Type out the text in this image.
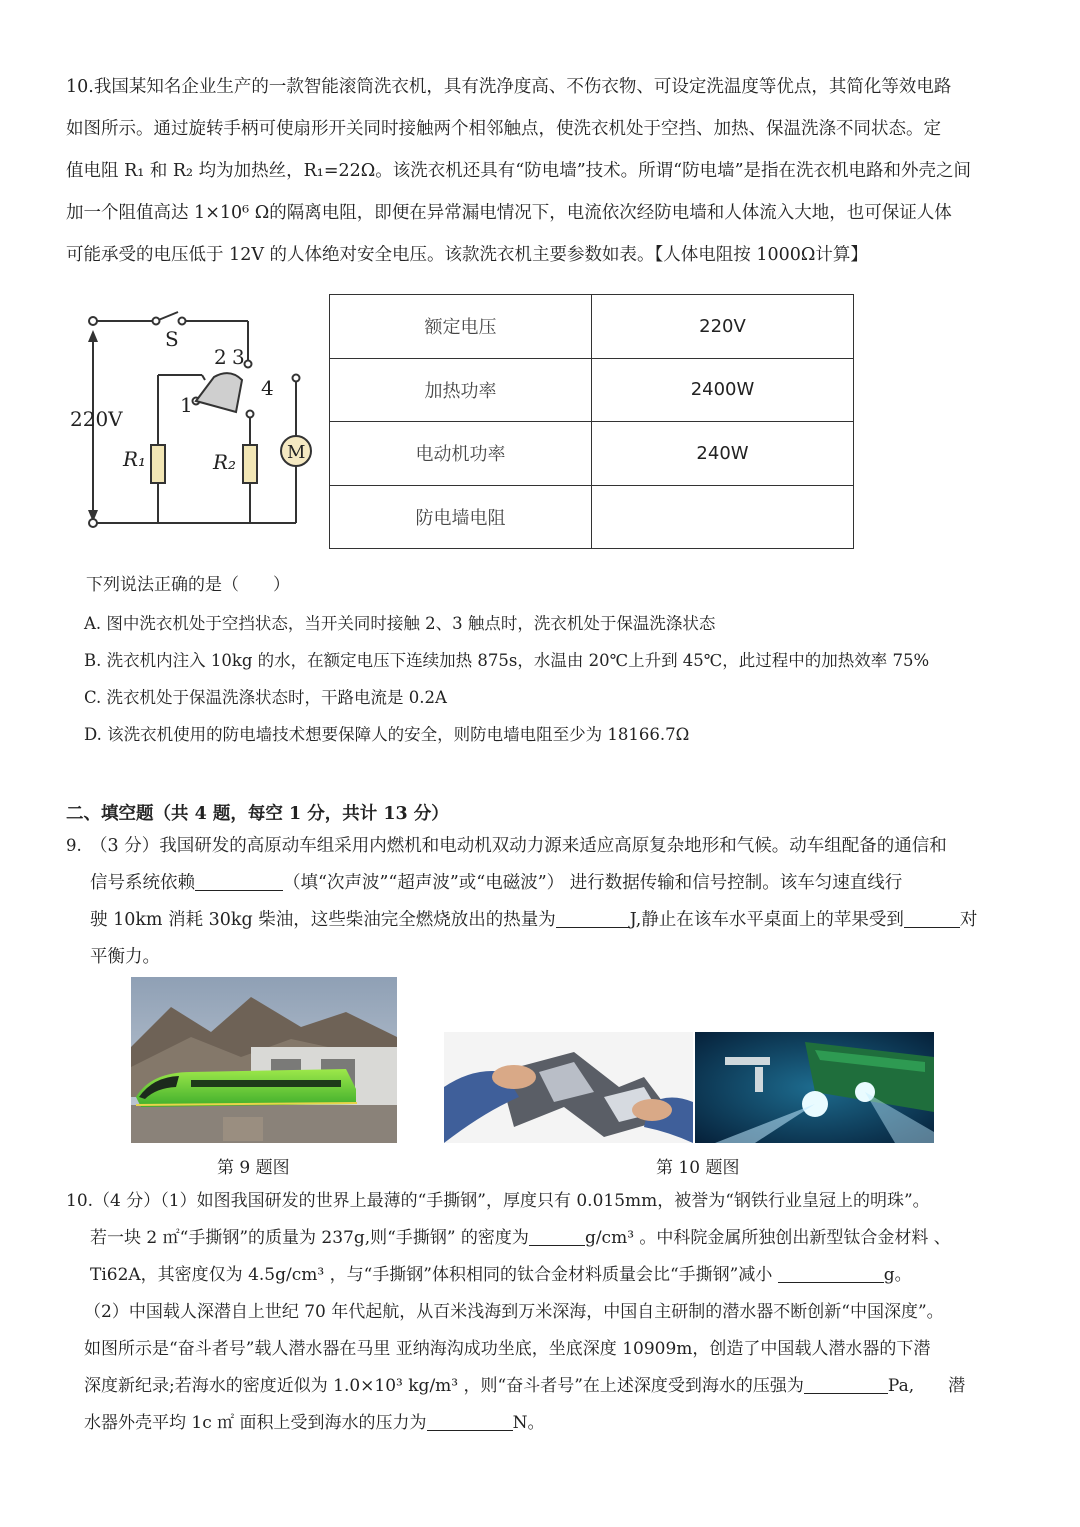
10.我国某知名企业生产的一款智能滚筒洗衣机，具有洗净度高、不伤衣物、可设定洗温度等优点，其简化等效电路
如图所示。通过旋转手柄可使扇形开关同时接触两个相邻触点，使洗衣机处于空挡、加热、保温洗涤不同状态。定
值电阻 R₁ 和 R₂ 均为加热丝，R₁=22Ω。该洗衣机还具有“防电墙”技术。所谓“防电墙”是指在洗衣机电路和外壳之间
加一个阻值高达 1×10⁶ Ω的隔离电阻，即便在异常漏电情况下，电流依次经防电墙和人体流入大地，也可保证人体
可能承受的电压低于 12V 的人体绝对安全电压。该款洗衣机主要参数如表。【人体电阻按 1000Ω计算】
S
220V
1
2 3
4
R₁	R₂	M
额定电压	220V
加热功率	2400W
电动机功率	240W
防电墙电阻	
下列说法正确的是（　　）
A. 图中洗衣机处于空挡状态，当开关同时接触 2、3 触点时，洗衣机处于保温洗涤状态
B. 洗衣机内注入 10kg 的水，在额定电压下连续加热 875s，水温由 20℃上升到 45℃，此过程中的加热效率 75%
C. 洗衣机处于保温洗涤状态时，干路电流是 0.2A
D. 该洗衣机使用的防电墙技术想要保障人的安全，则防电墙电阻至少为 18166.7Ω
二、填空题（共 4 题，每空 1 分，共计 13 分）
9. （3 分）我国研发的高原动车组采用内燃机和电动机双动力源来适应高原复杂地形和气候。动车组配备的通信和
信号系统依赖	（填“次声波”“超声波”或“电磁波”） 进行数据传输和信号控制。该车匀速直线行
驶 10km 消耗 30kg 柴油，这些柴油完全燃烧放出的热量为	J,静止在该车水平桌面上的苹果受到	对
平衡力。
第 9 题图	第 10 题图
10.（4 分）（1）如图我国研发的世界上最薄的“手撕钢”，厚度只有 0.015mm，被誉为“钢铁行业皇冠上的明珠”。
若一块 2 ㎡“手撕钢”的质量为 237g,则“手撕钢” 的密度为	g/cm³ 。中科院金属所独创出新型钛合金材料 、
Ti62A，其密度仅为 4.5g/cm³ ，与“手撕钢”体积相同的钛合金材料质量会比“手撕钢”减小	g。
（2）中国载人深潜自上世纪 70 年代起航，从百米浅海到万米深海，中国自主研制的潜水器不断创新“中国深度”。
如图所示是“奋斗者号”载人潜水器在马里 亚纳海沟成功坐底，坐底深度 10909m，创造了中国载人潜水器的下潜
深度新纪录;若海水的密度近似为 1.0×10³ kg/m³ ，则“奋斗者号”在上述深度受到海水的压强为	Pa,　　潜
水器外壳平均 1c ㎡ 面积上受到海水的压力为	N。
